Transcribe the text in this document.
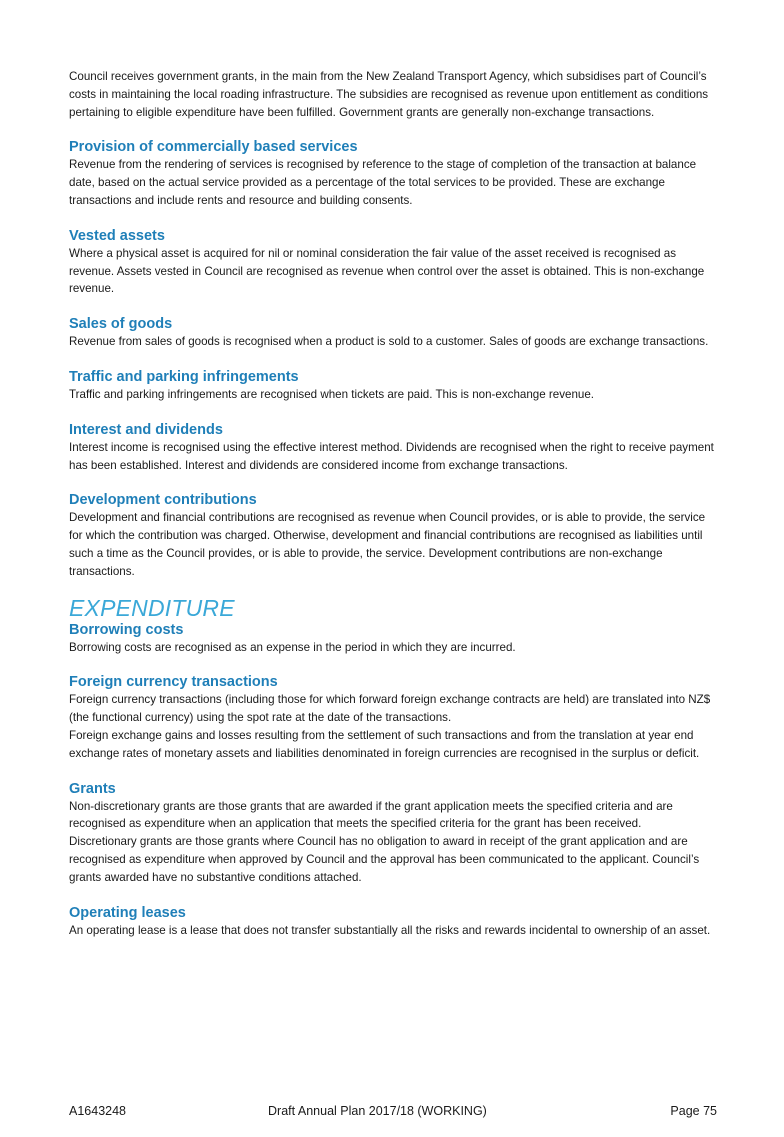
Council receives government grants, in the main from the New Zealand Transport Agency, which subsidises part of Council’s costs in maintaining the local roading infrastructure. The subsidies are recognised as revenue upon entitlement as conditions pertaining to eligible expenditure have been fulfilled. Government grants are generally non-exchange transactions.

Provision of commercially based services

Revenue from the rendering of services is recognised by reference to the stage of completion of the transaction at balance date, based on the actual service provided as a percentage of the total services to be provided. These are exchange transactions and include rents and resource and building consents.

Vested assets

Where a physical asset is acquired for nil or nominal consideration the fair value of the asset received is recognised as revenue. Assets vested in Council are recognised as revenue when control over the asset is obtained. This is non-exchange revenue.

Sales of goods

Revenue from sales of goods is recognised when a product is sold to a customer. Sales of goods are exchange transactions.

Traffic and parking infringements

Traffic and parking infringements are recognised when tickets are paid. This is non-exchange revenue.

Interest and dividends

Interest income is recognised using the effective interest method. Dividends are recognised when the right to receive payment has been established. Interest and dividends are considered income from exchange transactions.

Development contributions

Development and financial contributions are recognised as revenue when Council provides, or is able to provide, the service for which the contribution was charged. Otherwise, development and financial contributions are recognised as liabilities until such a time as the Council provides, or is able to provide, the service. Development contributions are non-exchange transactions.

EXPENDITURE
Borrowing costs

Borrowing costs are recognised as an expense in the period in which they are incurred.

Foreign currency transactions

Foreign currency transactions (including those for which forward foreign exchange contracts are held) are translated into NZ$ (the functional currency) using the spot rate at the date of the transactions.

Foreign exchange gains and losses resulting from the settlement of such transactions and from the translation at year end exchange rates of monetary assets and liabilities denominated in foreign currencies are recognised in the surplus or deficit.

Grants

Non-discretionary grants are those grants that are awarded if the grant application meets the specified criteria and are recognised as expenditure when an application that meets the specified criteria for the grant has been received.

Discretionary grants are those grants where Council has no obligation to award in receipt of the grant application and are recognised as expenditure when approved by Council and the approval has been communicated to the applicant. Council’s grants awarded have no substantive conditions attached.

Operating leases

An operating lease is a lease that does not transfer substantially all the risks and rewards incidental to ownership of an asset.

A1643248	Draft Annual Plan 2017/18 (WORKING)	Page 75
